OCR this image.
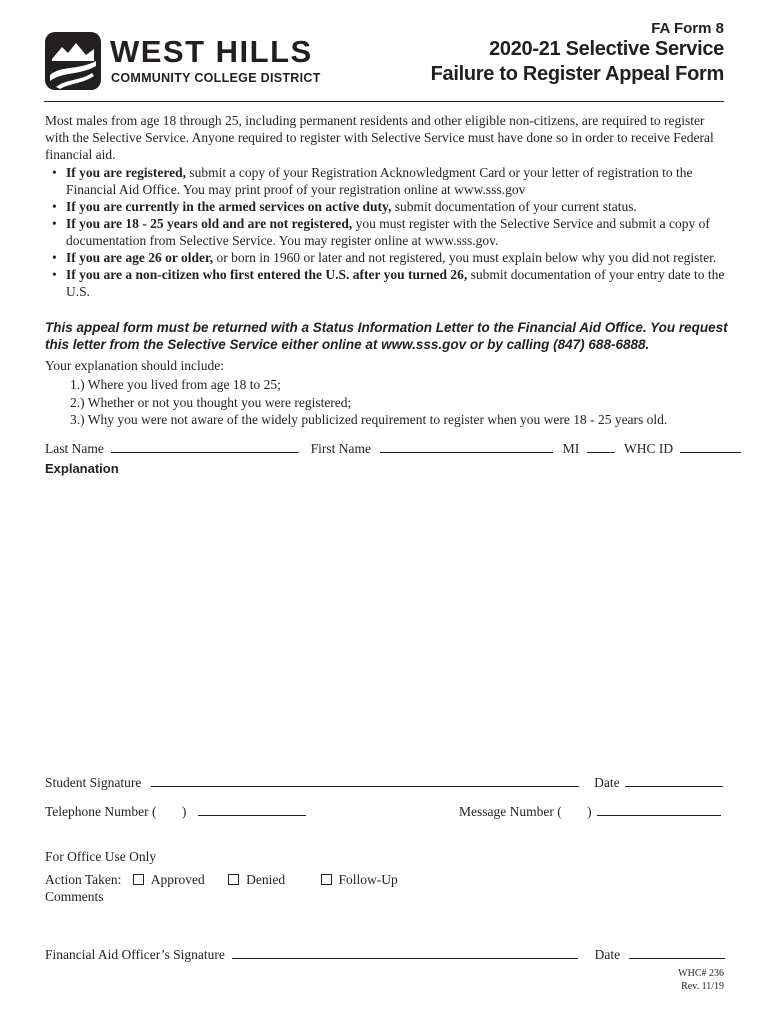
WEST HILLS
COMMUNITY COLLEGE DISTRICT
FA Form 8
2020-21 Selective Service
Failure to Register Appeal Form
Most males from age 18 through 25, including permanent residents and other eligible non-citizens, are required to register with the Selective Service. Anyone required to register with Selective Service must have done so in order to receive Federal financial aid.
• If you are registered, submit a copy of your Registration Acknowledgment Card or your letter of registration to the Financial Aid Office. You may print proof of your registration online at www.sss.gov
• If you are currently in the armed services on active duty, submit documentation of your current status.
• If you are 18 - 25 years old and are not registered, you must register with the Selective Service and submit a copy of documentation from Selective Service. You may register online at www.sss.gov.
• If you are age 26 or older, or born in 1960 or later and not registered, you must explain below why you did not register.
• If you are a non-citizen who first entered the U.S. after you turned 26, submit documentation of your entry date to the U.S.
This appeal form must be returned with a Status Information Letter to the Financial Aid Office. You request this letter from the Selective Service either online at www.sss.gov or by calling (847) 688-6888.
Your explanation should include:
1.) Where you lived from age 18 to 25;
2.) Whether or not you thought you were registered;
3.) Why you were not aware of the widely publicized requirement to register when you were 18 - 25 years old.
Last Name	First Name	MI	WHC ID
Explanation
Student Signature	Date
Telephone Number ( )	Message Number ( )
For Office Use Only
Action Taken: Approved	Denied	Follow-Up
Comments
Financial Aid Officer’s Signature	Date
WHC# 236
Rev. 11/19
